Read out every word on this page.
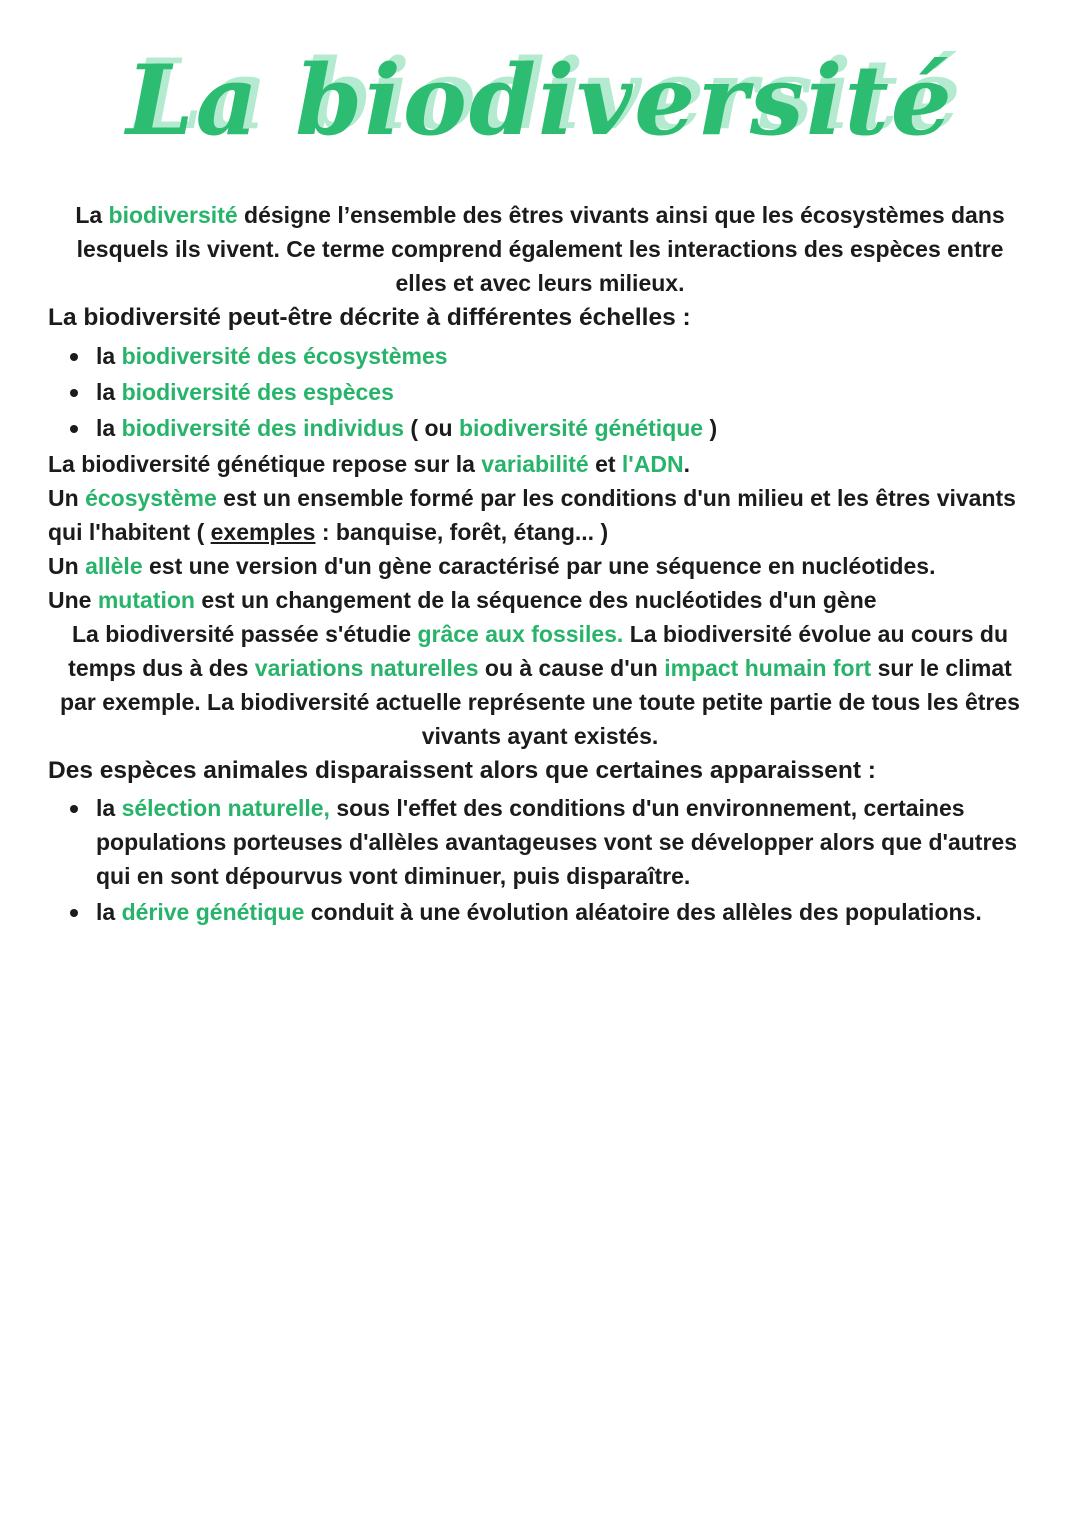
La biodiversité

La biodiversité désigne l’ensemble des êtres vivants ainsi que les écosystèmes dans lesquels ils vivent. Ce terme comprend également les interactions des espèces entre elles et avec leurs milieux.

La biodiversité peut-être décrite à différentes échelles :

la biodiversité des écosystèmes
la biodiversité des espèces
la biodiversité des individus ( ou biodiversité génétique )

La biodiversité génétique repose sur la variabilité et l'ADN.

Un écosystème est un ensemble formé par les conditions d'un milieu et les êtres vivants qui l'habitent ( exemples : banquise, forêt, étang... )

Un allèle est une version d'un gène caractérisé par une séquence en nucléotides.

Une mutation est un changement de la séquence des nucléotides d'un gène

La biodiversité passée s'étudie grâce aux fossiles. La biodiversité évolue au cours du temps dus à des variations naturelles ou à cause d'un impact humain fort sur le climat par exemple. La biodiversité actuelle représente une toute petite partie de tous les êtres vivants ayant existés.

Des espèces animales disparaissent alors que certaines apparaissent :

la sélection naturelle, sous l'effet des conditions d'un environnement, certaines populations porteuses d'allèles avantageuses vont se développer alors que d'autres qui en sont dépourvus vont diminuer, puis disparaître.
la dérive génétique conduit à une évolution aléatoire des allèles des populations.
